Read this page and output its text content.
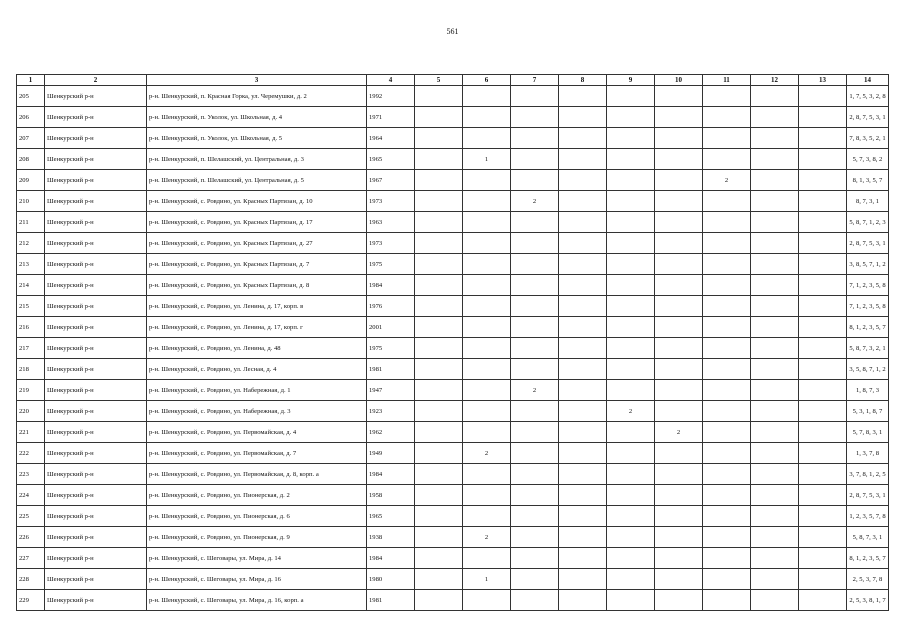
561
1	2	3	4	5	6	7	8	9	10	11	12	13	14
205	Шенкурский р-н	р-н. Шенкурский, п. Красная Горка, ул. Черемушки, д. 2	1992										1, 7, 5, 3, 2, 8
206	Шенкурский р-н	р-н. Шенкурский, п. Уколок, ул. Школьная, д. 4	1971										2, 8, 7, 5, 3, 1
207	Шенкурский р-н	р-н. Шенкурский, п. Уколок, ул. Школьная, д. 5	1964										7, 8, 3, 5, 2, 1
208	Шенкурский р-н	р-н. Шенкурский, п. Шелашский, ул. Центральная, д. 3	1965		1								5, 7, 3, 8, 2
209	Шенкурский р-н	р-н. Шенкурский, п. Шелашский, ул. Центральная, д. 5	1967							2			8, 1, 3, 5, 7
210	Шенкурский р-н	р-н. Шенкурский, с. Ровдино, ул. Красных Партизан, д. 10	1973			2							8, 7, 3, 1
211	Шенкурский р-н	р-н. Шенкурский, с. Ровдино, ул. Красных Партизан, д. 17	1963										5, 8, 7, 1, 2, 3
212	Шенкурский р-н	р-н. Шенкурский, с. Ровдино, ул. Красных Партизан, д. 27	1973										2, 8, 7, 5, 3, 1
213	Шенкурский р-н	р-н. Шенкурский, с. Ровдино, ул. Красных Партизан, д. 7	1975										3, 8, 5, 7, 1, 2
214	Шенкурский р-н	р-н. Шенкурский, с. Ровдино, ул. Красных Партизан, д. 8	1984										7, 1, 2, 3, 5, 8
215	Шенкурский р-н	р-н. Шенкурский, с. Ровдино, ул. Ленина, д. 17, корп. в	1976										7, 1, 2, 3, 5, 8
216	Шенкурский р-н	р-н. Шенкурский, с. Ровдино, ул. Ленина, д. 17, корп. г	2001										8, 1, 2, 3, 5, 7
217	Шенкурский р-н	р-н. Шенкурский, с. Ровдино, ул. Ленина, д. 48	1975										5, 8, 7, 3, 2, 1
218	Шенкурский р-н	р-н. Шенкурский, с. Ровдино, ул. Лесная, д. 4	1981										3, 5, 8, 7, 1, 2
219	Шенкурский р-н	р-н. Шенкурский, с. Ровдино, ул. Набережная, д. 1	1947			2							1, 8, 7, 3
220	Шенкурский р-н	р-н. Шенкурский, с. Ровдино, ул. Набережная, д. 3	1923					2					5, 3, 1, 8, 7
221	Шенкурский р-н	р-н. Шенкурский, с. Ровдино, ул. Первомайская, д. 4	1962						2				5, 7, 8, 3, 1
222	Шенкурский р-н	р-н. Шенкурский, с. Ровдино, ул. Первомайская, д. 7	1949		2								1, 3, 7, 8
223	Шенкурский р-н	р-н. Шенкурский, с. Ровдино, ул. Первомайская, д. 8, корп. а	1984										3, 7, 8, 1, 2, 5
224	Шенкурский р-н	р-н. Шенкурский, с. Ровдино, ул. Пионерская, д. 2	1958										2, 8, 7, 5, 3, 1
225	Шенкурский р-н	р-н. Шенкурский, с. Ровдино, ул. Пионерская, д. 6	1965										1, 2, 3, 5, 7, 8
226	Шенкурский р-н	р-н. Шенкурский, с. Ровдино, ул. Пионерская, д. 9	1938		2								5, 8, 7, 3, 1
227	Шенкурский р-н	р-н. Шенкурский, с. Шеговары, ул. Мира, д. 14	1984										8, 1, 2, 3, 5, 7
228	Шенкурский р-н	р-н. Шенкурский, с. Шеговары, ул. Мира, д. 16	1980		1								2, 5, 3, 7, 8
229	Шенкурский р-н	р-н. Шенкурский, с. Шеговары, ул. Мира, д. 16, корп. а	1981										2, 5, 3, 8, 1, 7
